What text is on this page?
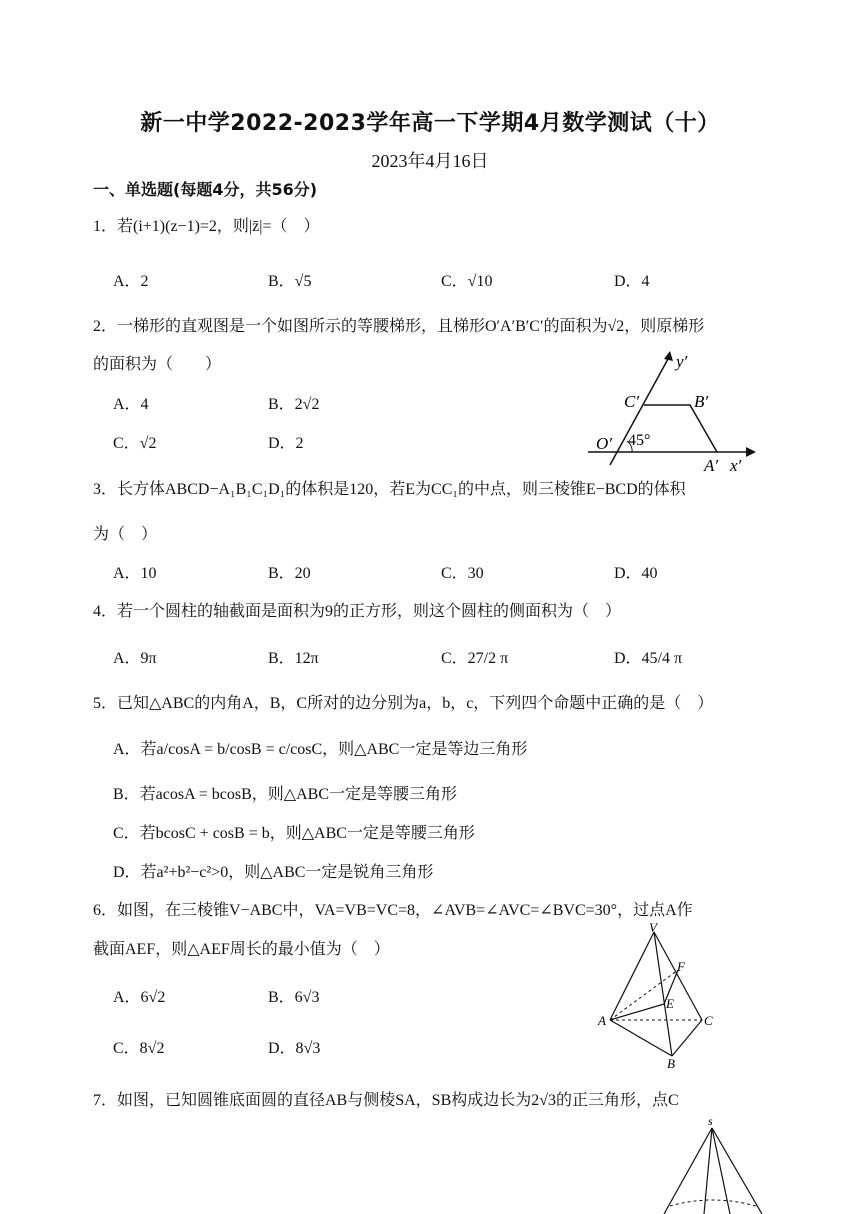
新一中学2022-2023学年高一下学期4月数学测试（十）
2023年4月16日
一、单选题(每题4分，共56分)
1．若(i+1)(z−1)=2，则|z̄|=（　）
A．2	B．√5	C．√10	D．4
2．一梯形的直观图是一个如图所示的等腰梯形，且梯形O′A′B′C′的面积为√2，则原梯形
的面积为（　　）
A．4	B．2√2
C．√2	D．2
y′
C′	B′
O′ 45°
A′ x′
3．长方体ABCD−A₁B₁C₁D₁的体积是120，若E为CC₁的中点，则三棱锥E−BCD的体积
为（　）
A．10	B．20	C．30	D．40
4．若一个圆柱的轴截面是面积为9的正方形，则这个圆柱的侧面积为（　）
A．9π	B．12π	C．27/2 π	D．45/4 π
5．已知△ABC的内角A，B，C所对的边分别为a，b，c，下列四个命题中正确的是（　）
A．若a/cosA = b/cosB = c/cosC，则△ABC一定是等边三角形
B．若acosA = bcosB，则△ABC一定是等腰三角形
C．若bcosC + cosB = b，则△ABC一定是等腰三角形
D．若a²+b²−c²>0，则△ABC一定是锐角三角形
6．如图，在三棱锥V−ABC中，VA=VB=VC=8，∠AVB=∠AVC=∠BVC=30°，过点A作
截面AEF，则△AEF周长的最小值为（　）
A．6√2	B．6√3
C．8√2	D．8√3
V
F
E
A	C
B
7．如图，已知圆锥底面圆的直径AB与侧棱SA，SB构成边长为2√3的正三角形，点C
s
